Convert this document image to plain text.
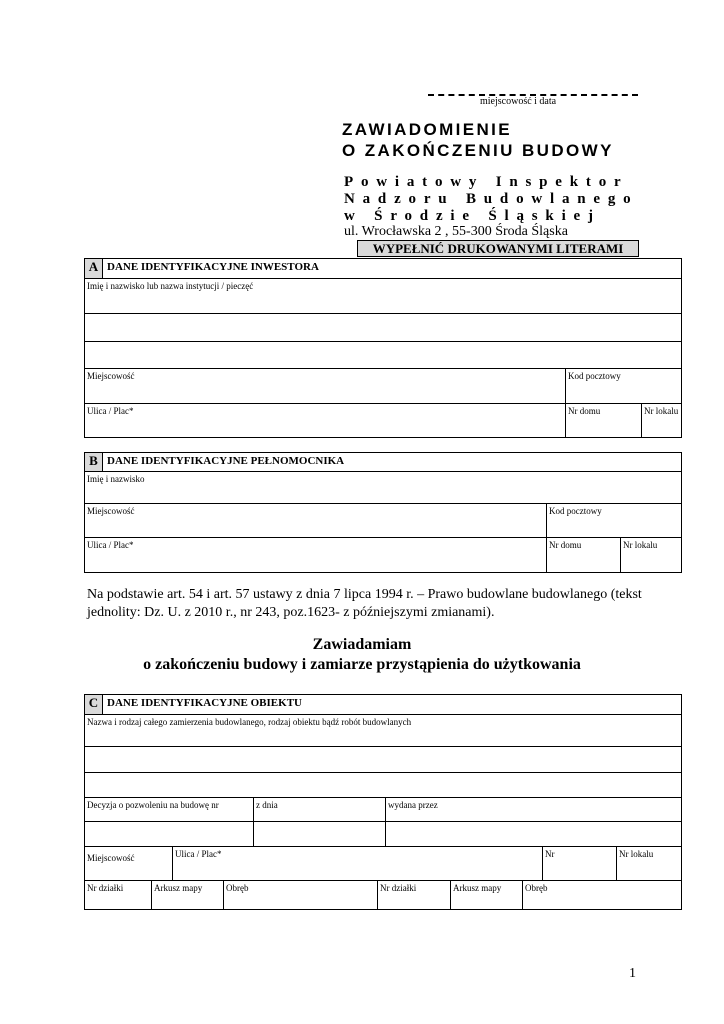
miejscowość i data
ZAWIADOMIENIE
O ZAKOŃCZENIU BUDOWY
Powiatowy Inspektor
Nadzoru Budowlanego
w Środzie Śląskiej
ul. Wrocławska 2 , 55-300 Środa Śląska
WYPEŁNIĆ DRUKOWANYMI LITERAMI
A DANE IDENTYFIKACYJNE INWESTORA
Imię i nazwisko lub nazwa instytucji / pieczęć
Miejscowość	Kod pocztowy
Ulica / Plac*	Nr domu	Nr lokalu
B DANE IDENTYFIKACYJNE PEŁNOMOCNIKA
Imię i nazwisko
Miejscowość	Kod pocztowy
Ulica / Plac*	Nr domu	Nr lokalu
Na podstawie art. 54 i art. 57 ustawy z dnia 7 lipca 1994 r. – Prawo budowlane budowlanego (tekst jednolity: Dz. U. z 2010 r., nr 243, poz.1623- z późniejszymi zmianami).
Zawiadamiam
o zakończeniu budowy i zamiarze przystąpienia do użytkowania
C DANE IDENTYFIKACYJNE OBIEKTU
Nazwa i rodzaj całego zamierzenia budowlanego, rodzaj obiektu bądź robót budowlanych
Decyzja o pozwoleniu na budowę nr	z dnia	wydana przez
Miejscowość	Ulica / Plac*	Nr	Nr lokalu
Nr działki	Arkusz mapy	Obręb	Nr działki	Arkusz mapy	Obręb
1
